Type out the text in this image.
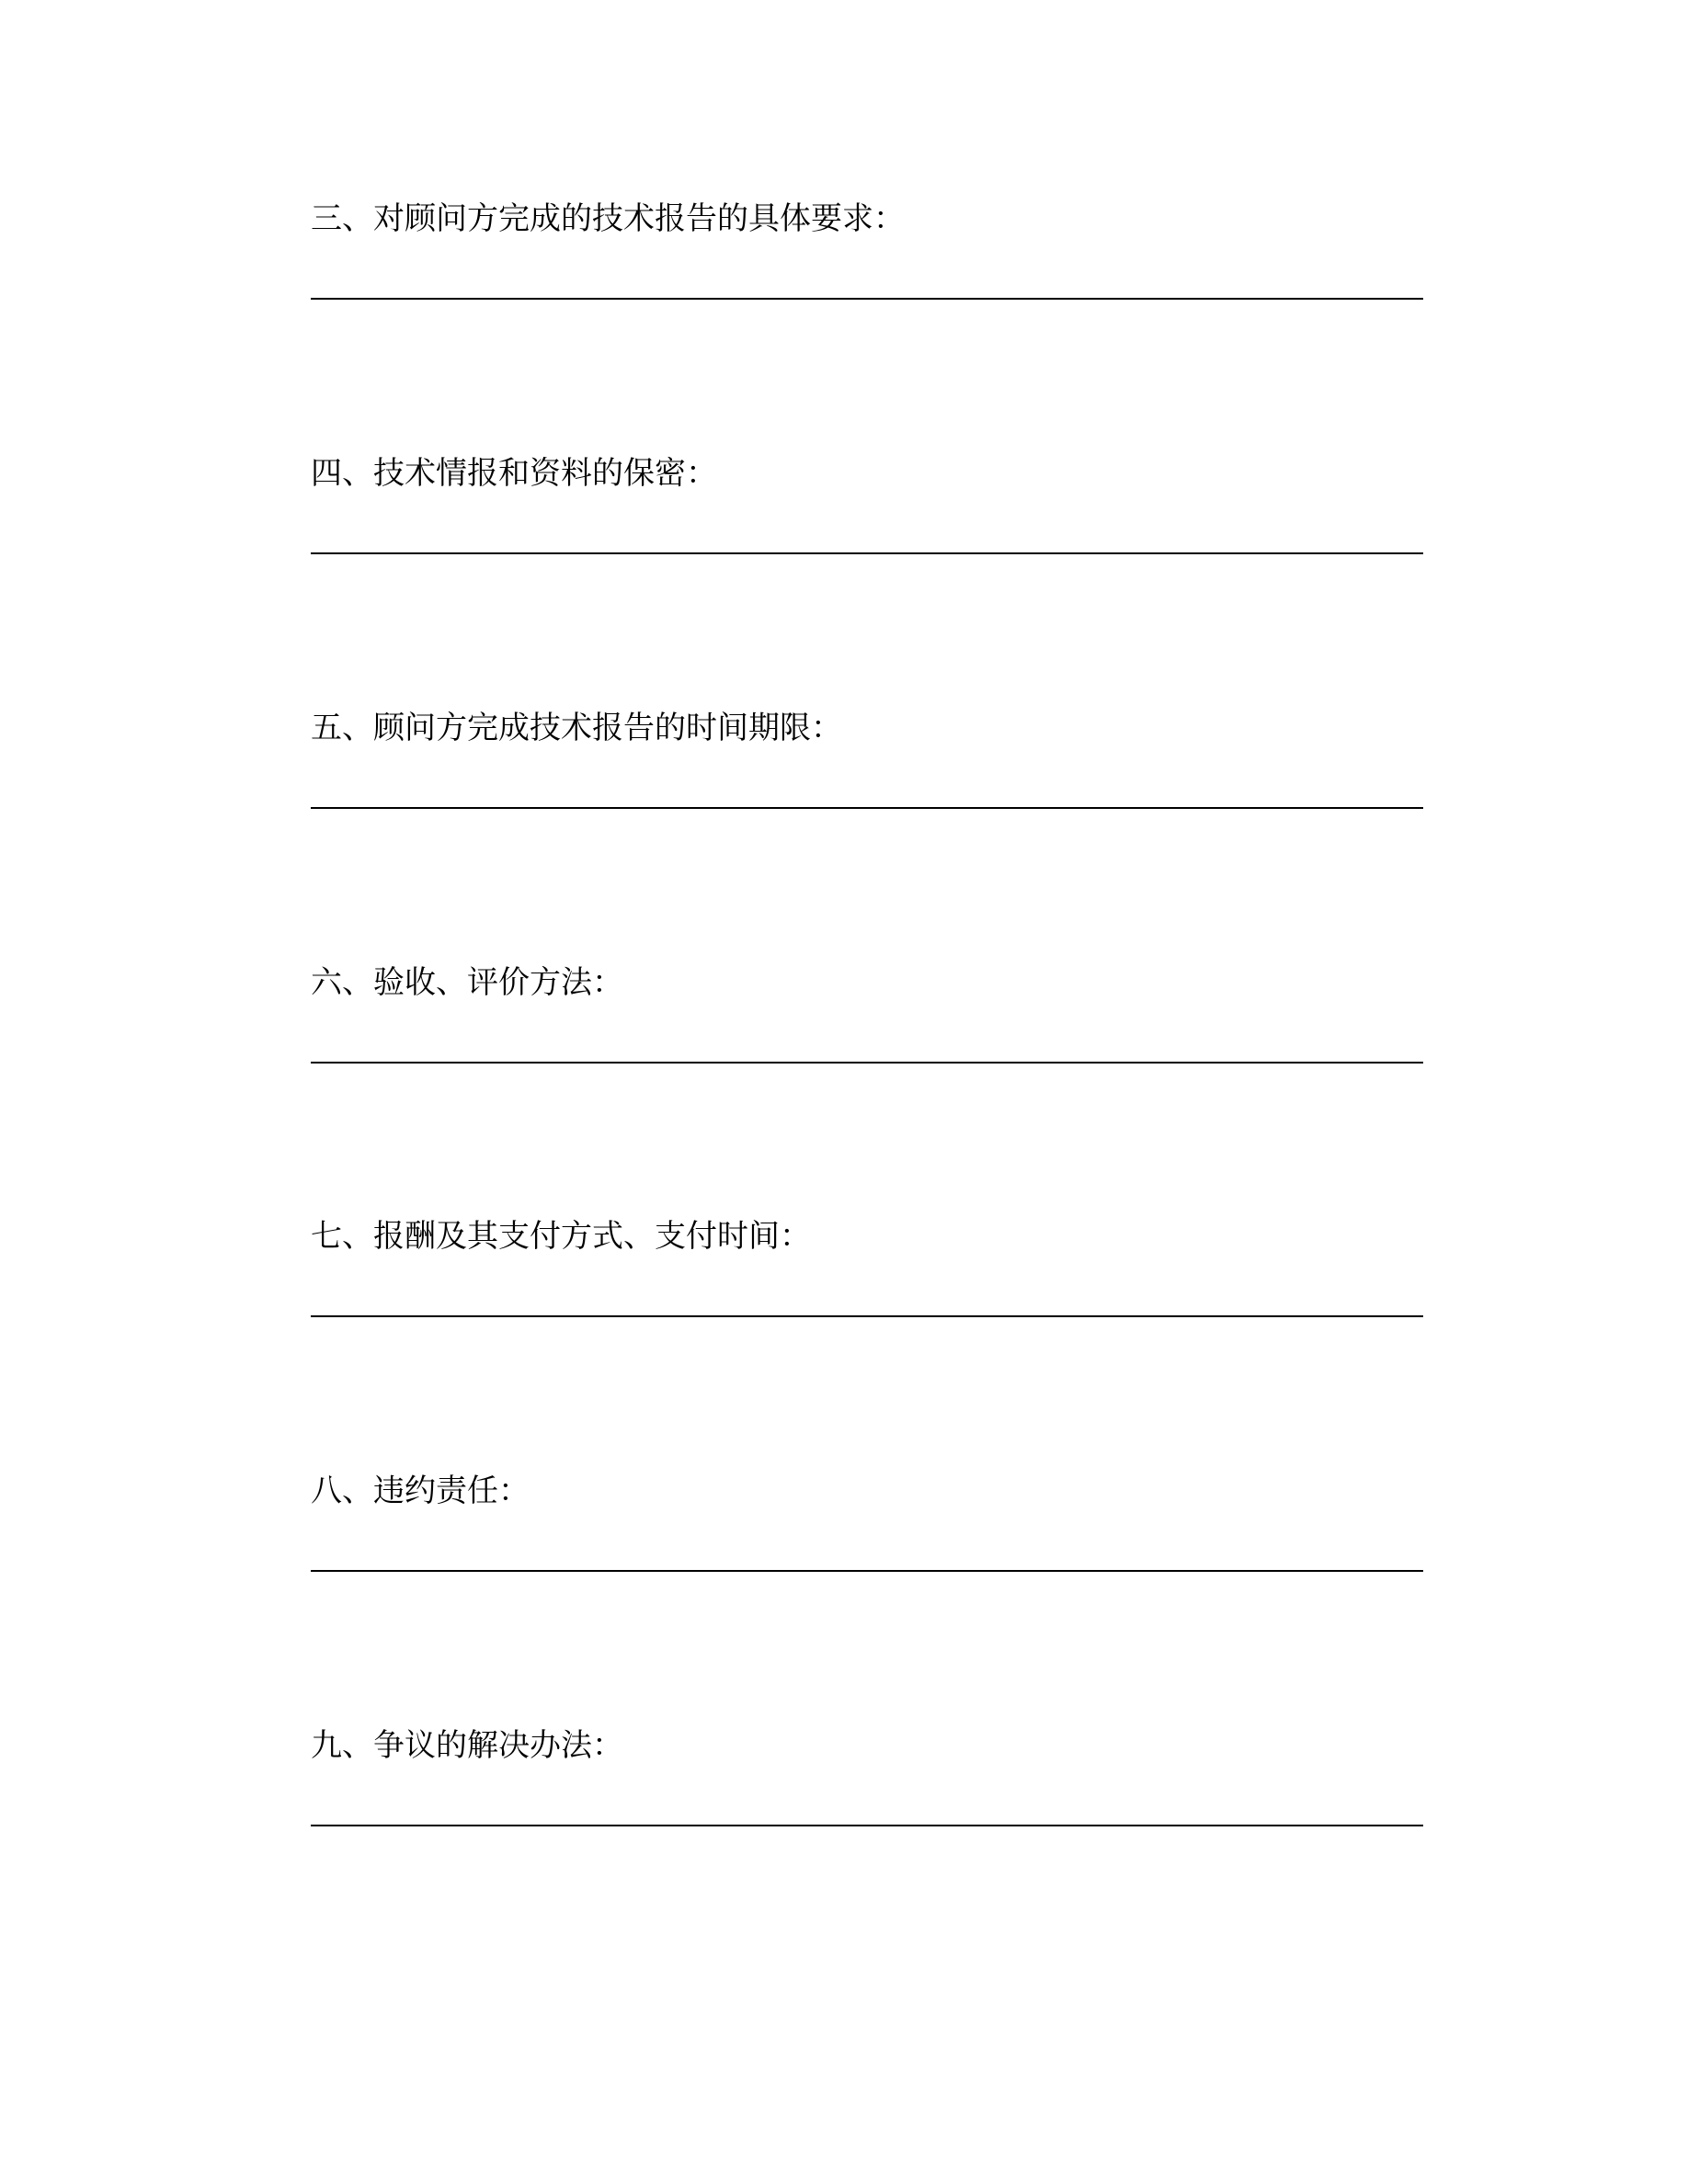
三、对顾问方完成的技术报告的具体要求：
四、技术情报和资料的保密：
五、顾问方完成技术报告的时间期限：
六、验收、评价方法：
七、报酬及其支付方式、支付时间：
八、违约责任：
九、争议的解决办法：
